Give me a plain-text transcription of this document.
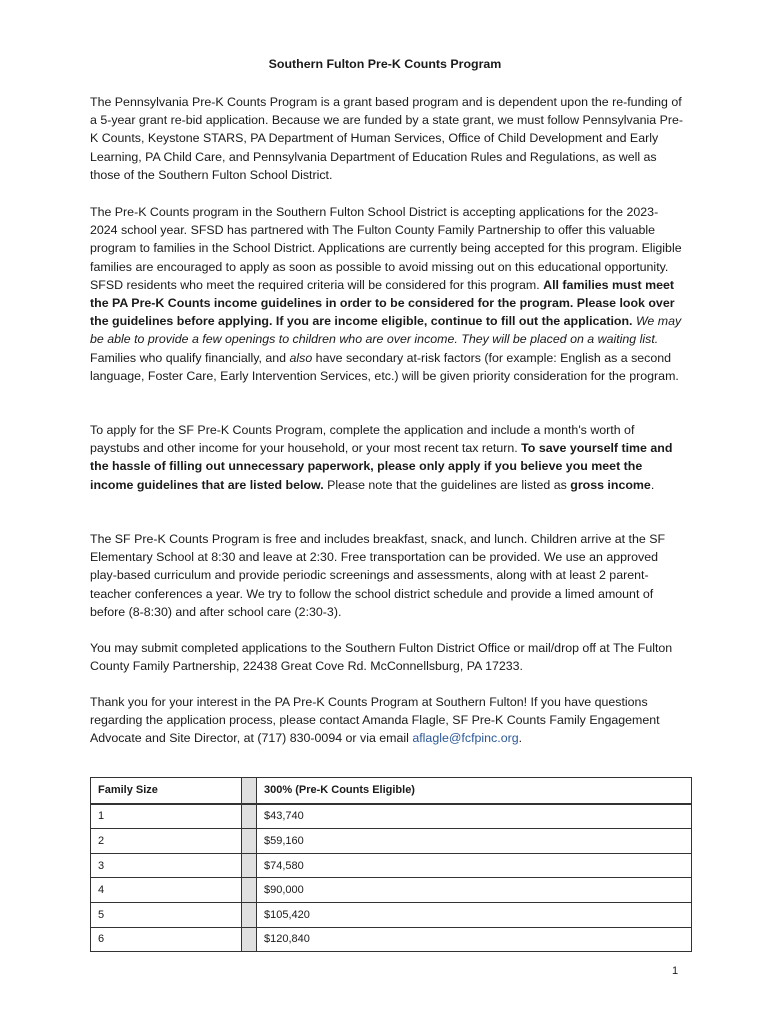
Southern Fulton Pre-K Counts Program

The Pennsylvania Pre-K Counts Program is a grant based program and is dependent upon the re-funding of a 5-year grant re-bid application. Because we are funded by a state grant, we must follow Pennsylvania Pre-K Counts, Keystone STARS, PA Department of Human Services, Office of Child Development and Early Learning, PA Child Care, and Pennsylvania Department of Education Rules and Regulations, as well as those of the Southern Fulton School District.

The Pre-K Counts program in the Southern Fulton School District is accepting applications for the 2023-2024 school year. SFSD has partnered with The Fulton County Family Partnership to offer this valuable program to families in the School District. Applications are currently being accepted for this program. Eligible families are encouraged to apply as soon as possible to avoid missing out on this educational opportunity. SFSD residents who meet the required criteria will be considered for this program. All families must meet the PA Pre-K Counts income guidelines in order to be considered for the program. Please look over the guidelines before applying. If you are income eligible, continue to fill out the application. We may be able to provide a few openings to children who are over income. They will be placed on a waiting list. Families who qualify financially, and also have secondary at-risk factors (for example: English as a second language, Foster Care, Early Intervention Services, etc.) will be given priority consideration for the program.

To apply for the SF Pre-K Counts Program, complete the application and include a month's worth of paystubs and other income for your household, or your most recent tax return. To save yourself time and the hassle of filling out unnecessary paperwork, please only apply if you believe you meet the income guidelines that are listed below. Please note that the guidelines are listed as gross income.

The SF Pre-K Counts Program is free and includes breakfast, snack, and lunch. Children arrive at the SF Elementary School at 8:30 and leave at 2:30. Free transportation can be provided. We use an approved play-based curriculum and provide periodic screenings and assessments, along with at least 2 parent-teacher conferences a year. We try to follow the school district schedule and provide a limed amount of before (8-8:30) and after school care (2:30-3).

You may submit completed applications to the Southern Fulton District Office or mail/drop off at The Fulton County Family Partnership, 22438 Great Cove Rd. McConnellsburg, PA 17233.

Thank you for your interest in the PA Pre-K Counts Program at Southern Fulton! If you have questions regarding the application process, please contact Amanda Flagle, SF Pre-K Counts Family Engagement Advocate and Site Director, at (717) 830-0094 or via email aflagle@fcfpinc.org.

Family Size		300% (Pre-K Counts Eligible)
1		$43,740
2		$59,160
3		$74,580
4		$90,000
5		$105,420
6		$120,840
1
